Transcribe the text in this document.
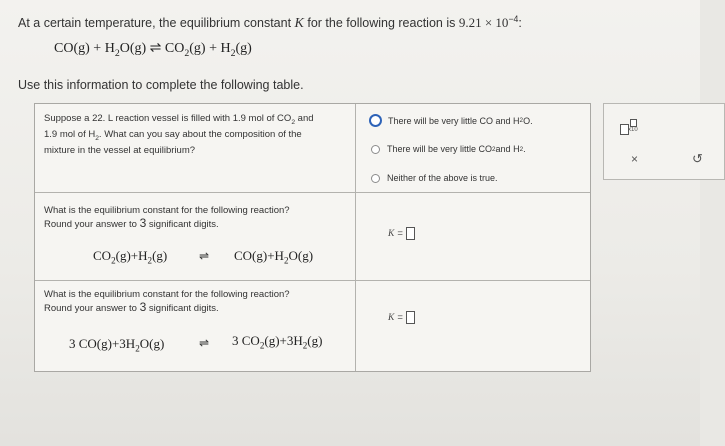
At a certain temperature, the equilibrium constant K for the following reaction is $9.21 \times 10^{-4}$:
$CO(g) + H_2O(g)$ ⇌ $CO_2(g) + H_2(g)$
Use this information to complete the following table.
Suppose a 22. L reaction vessel is filled with 1.9 mol of $CO_2$ and
1.9 mol of $H_2$. What can you say about the composition of the
mixture in the vessel at equilibrium?
There will be very little CO and H 2 O.
There will be very little CO 2 and H 2 .
Neither of the above is true.
What is the equilibrium constant for the following reaction?
Round your answer to 3 significant digits.
$CO_2(g)+H_2(g)$	⇌ $CO(g)+H_2O(g)$
K =
What is the equilibrium constant for the following reaction?
Round your answer to 3 significant digits.
3 $CO(g)+3H_2O(g)$	⇌ 3 $CO_2(g)+3H_2(g)$
K =
x10
×	↺
